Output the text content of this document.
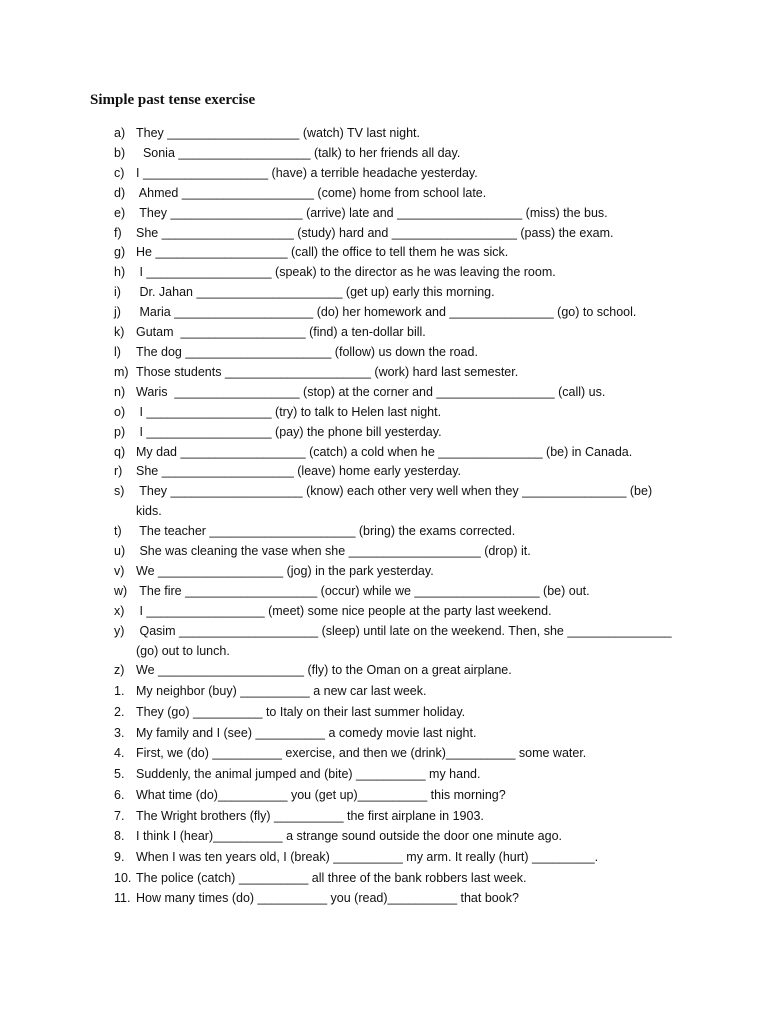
Simple past tense exercise
a) They ___________________ (watch) TV last night.
b) Sonia ___________________ (talk) to her friends all day.
c) I __________________ (have) a terrible headache yesterday.
d) Ahmed ___________________ (come) home from school late.
e) They ___________________ (arrive) late and __________________ (miss) the bus.
f)	She ___________________ (study) hard and __________________ (pass) the exam.
g) He ___________________ (call) the office to tell them he was sick.
h) I __________________ (speak) to the director as he was leaving the room.
i)	Dr. Jahan _____________________ (get up) early this morning.
j)	Maria ____________________ (do) her homework and _______________ (go) to school.
k) Gutam  __________________ (find) a ten-dollar bill.
l)	The dog _____________________ (follow) us down the road.
m) Those students _____________________ (work) hard last semester.
n) Waris  __________________ (stop) at the corner and _________________ (call) us.
o) I __________________ (try) to talk to Helen last night.
p) I __________________ (pay) the phone bill yesterday.
q) My dad __________________ (catch) a cold when he _______________ (be) in Canada.
r)	She ___________________ (leave) home early yesterday.
s) They ___________________ (know) each other very well when they _______________ (be)
kids.
t)	The teacher _____________________ (bring) the exams corrected.
u) She was cleaning the vase when she ___________________ (drop) it.
v) We __________________ (jog) in the park yesterday.
w) The fire ___________________ (occur) while we __________________ (be) out.
x) I _________________ (meet) some nice people at the party last weekend.
y) Qasim ____________________ (sleep) until late on the weekend. Then, she _______________
(go) out to lunch.
z) We _____________________ (fly) to the Oman on a great airplane.
1. My neighbor (buy) __________ a new car last week.
2. They (go) __________ to Italy on their last summer holiday.
3. My family and I (see) __________ a comedy movie last night.
4. First, we (do) __________ exercise, and then we (drink)__________ some water.
5. Suddenly, the animal jumped and (bite) __________ my hand.
6. What time (do)__________ you (get up)__________ this morning?
7. The Wright brothers (fly) __________ the first airplane in 1903.
8. I think I (hear)__________ a strange sound outside the door one minute ago.
9. When I was ten years old, I (break) __________ my arm. It really (hurt) _________.
10. The police (catch) __________ all three of the bank robbers last week.
11. How many times (do) __________ you (read)__________ that book?
